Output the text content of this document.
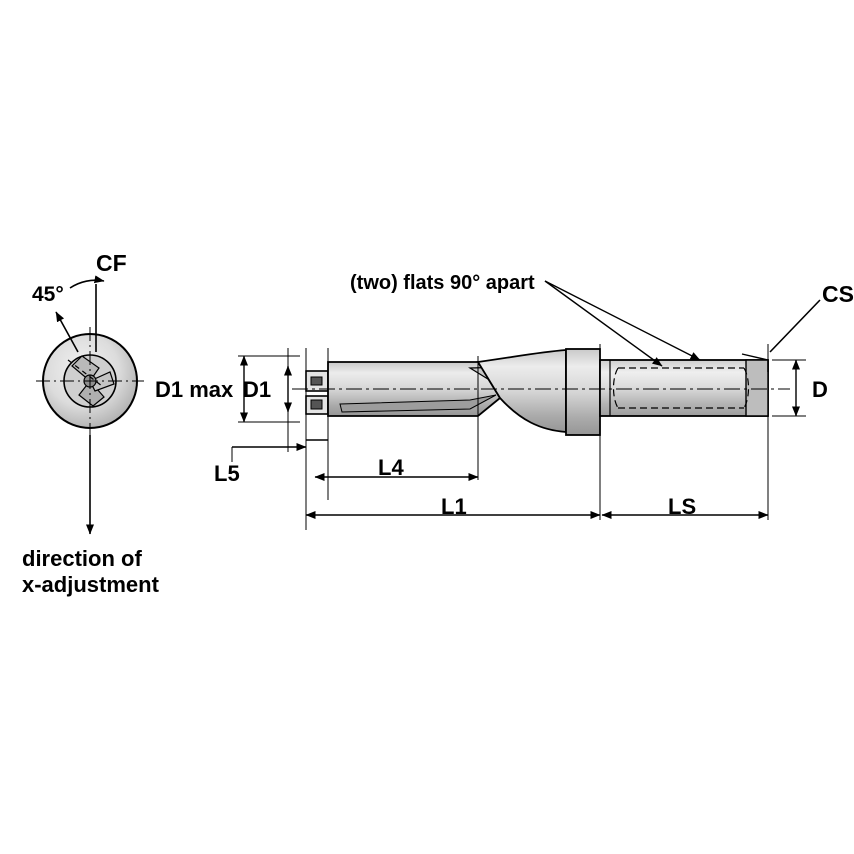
CF
45°
direction of
x-adjustment
(two) flats 90° apart	CS
D1 max D1	D
L5	L4
L1	LS
